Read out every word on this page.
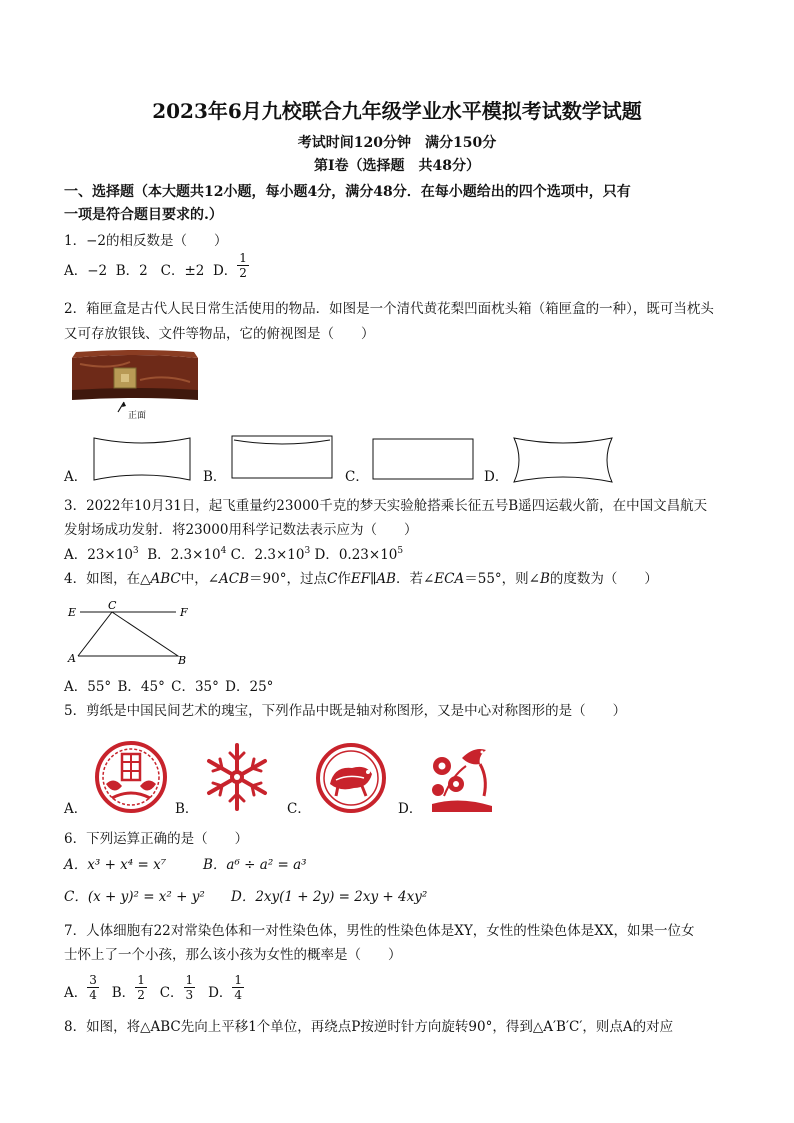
2023年6月九校联合九年级学业水平模拟考试数学试题
考试时间120分钟　满分150分
第Ⅰ卷（选择题　共48分）
一、选择题（本大题共12小题，每小题4分，满分48分．在每小题给出的四个选项中，只有
一项是符合题目要求的.）
1．−2的相反数是（　　）
A．−2 B．2 C．±2 D． $\frac{1}{2}$
2．箱匣盒是古代人民日常生活使用的物品．如图是一个清代黄花梨凹面枕头箱（箱匣盒的一种），既可当枕头
又可存放银钱、文件等物品，它的俯视图是（　　）
正面
A．	B．	C．	D．
3．2022年10月31日，起飞重量约23000千克的梦天实验舱搭乘长征五号B遥四运载火箭，在中国文昌航天
发射场成功发射．将23000用科学记数法表示应为（　　）
A．$23\times 10^3$ B．$2.3\times 10^4$ C．$2.3\times 10^3$ D．$0.23\times 10^5$
4．如图，在△ABC中，∠ACB＝90°，过点C作EF∥AB．若∠ECA＝55°，则∠B的度数为（　　）
E
C
F
A	B
A．55° B．45° C．35° D．25°
5．剪纸是中国民间艺术的瑰宝，下列作品中既是轴对称图形，又是中心对称图形的是（　　）
A．	B．	C．	D．
6．下列运算正确的是（　　）
A．x³ + x⁴ = x⁷	B．a⁶ ÷ a² = a³
C．(x + y)² = x² + y² D．2xy(1 + 2y) = 2xy + 4xy²
7．人体细胞有22对常染色体和一对性染色体，男性的性染色体是XY，女性的性染色体是XX，如果一位女
士怀上了一个小孩，那么该小孩为女性的概率是（　　）
A． $\frac{3}{4}$ B． $\frac{1}{2}$ C． $\frac{1}{3}$ D． $\frac{1}{4}$
8．如图，将△ABC先向上平移1个单位，再绕点P按逆时针方向旋转90°，得到△A′B′C′，则点A的对应
